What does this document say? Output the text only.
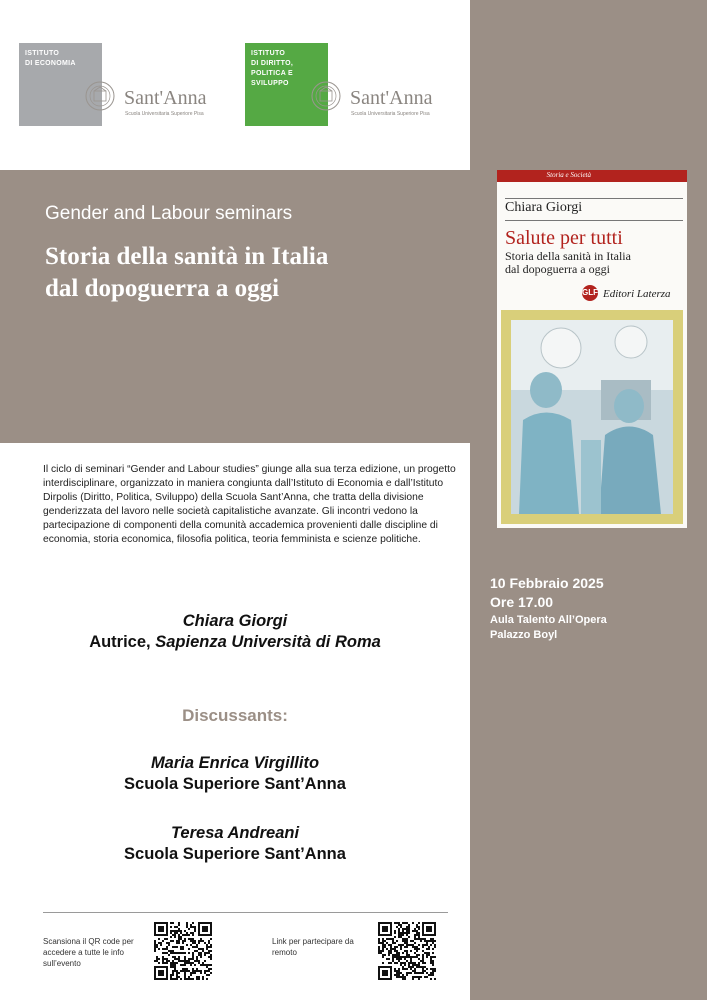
ISTITUTO
DI ECONOMIA
Sant'Anna
Scuola Universitaria Superiore Pisa
ISTITUTO
DI DIRITTO,
POLITICA E
SVILUPPO
Sant'Anna
Scuola Universitaria Superiore Pisa
Gender and Labour seminars
Storia della sanità in Italia
dal dopoguerra a oggi
Il ciclo di seminari “Gender and Labour studies” giunge alla sua terza edizione, un progetto interdisciplinare, organizzato in maniera congiunta dall’Istituto di Economia e dall’Istituto Dirpolis (Diritto, Politica, Sviluppo) della Scuola Sant’Anna, che tratta della divisione genderizzata del lavoro nelle società capitalistiche avanzate. Gli incontri vedono la partecipazione di componenti della comunità accademica provenienti dalle discipline di economia, storia economica, filosofia politica, teoria femminista e scienze politiche.
Chiara Giorgi
Autrice, Sapienza Università di Roma
Discussants:
Maria Enrica Virgillito
Scuola Superiore Sant’Anna
Teresa Andreani
Scuola Superiore Sant’Anna
Scansiona il QR code per accedere a tutte le info sull’evento
Link per partecipare da remoto
Storia e Società
Chiara Giorgi
Salute per tutti
Storia della sanità in Italia
dal dopoguerra a oggi
GLF Editori Laterza
10 Febbraio 2025
Ore 17.00
Aula Talento All’Opera
Palazzo Boyl
